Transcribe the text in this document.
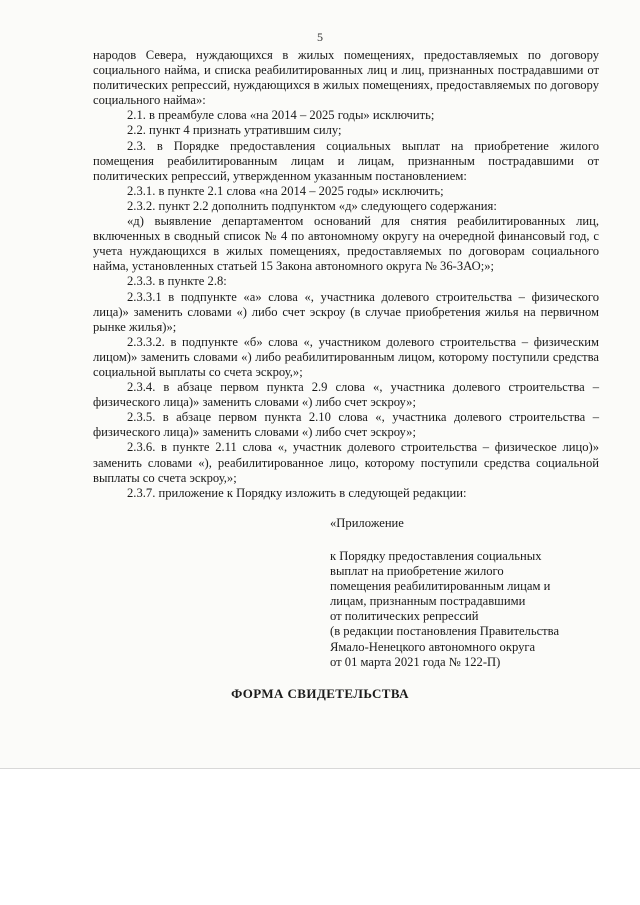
5

народов Севера, нуждающихся в жилых помещениях, предоставляемых по договору социального найма, и списка реабилитированных лиц и лиц, признанных пострадавшими от политических репрессий, нуждающихся в жилых помещениях, предоставляемых по договору социального найма»:

2.1. в преамбуле слова «на 2014 – 2025 годы» исключить;

2.2. пункт 4 признать утратившим силу;

2.3. в Порядке предоставления социальных выплат на приобретение жилого помещения реабилитированным лицам и лицам, признанным пострадавшими от политических репрессий, утвержденном указанным постановлением:

2.3.1. в пункте 2.1 слова «на 2014 – 2025 годы» исключить;

2.3.2. пункт 2.2 дополнить подпунктом «д» следующего содержания:

«д) выявление департаментом оснований для снятия реабилитированных лиц, включенных в сводный список № 4 по автономному округу на очередной финансовый год, с учета нуждающихся в жилых помещениях, предоставляемых по договорам социального найма, установленных статьей 15 Закона автономного округа № 36-ЗАО;»;

2.3.3. в пункте 2.8:

2.3.3.1 в подпункте «а» слова «, участника долевого строительства – физического лица)» заменить словами «) либо счет эскроу (в случае приобретения жилья на первичном рынке жилья)»;

2.3.3.2. в подпункте «б» слова «, участником долевого строительства – физическим лицом)» заменить словами «) либо реабилитированным лицом, которому поступили средства социальной выплаты со счета эскроу,»;

2.3.4. в абзаце первом пункта 2.9 слова «, участника долевого строительства – физического лица)» заменить словами «) либо счет эскроу»;

2.3.5. в абзаце первом пункта 2.10 слова «, участника долевого строительства – физического лица)» заменить словами «) либо счет эскроу»;

2.3.6. в пункте 2.11 слова «, участник долевого строительства – физическое лицо)» заменить словами «), реабилитированное лицо, которому поступили средства социальной выплаты со счета эскроу,»;

2.3.7. приложение к Порядку изложить в следующей редакции:

«Приложение
к Порядку предоставления социальных
выплат на приобретение жилого
помещения реабилитированным лицам и
лицам, признанным пострадавшими
от политических репрессий
(в редакции постановления Правительства
Ямало-Ненецкого автономного округа
от 01 марта 2021 года № 122-П)
ФОРМА СВИДЕТЕЛЬСТВА
